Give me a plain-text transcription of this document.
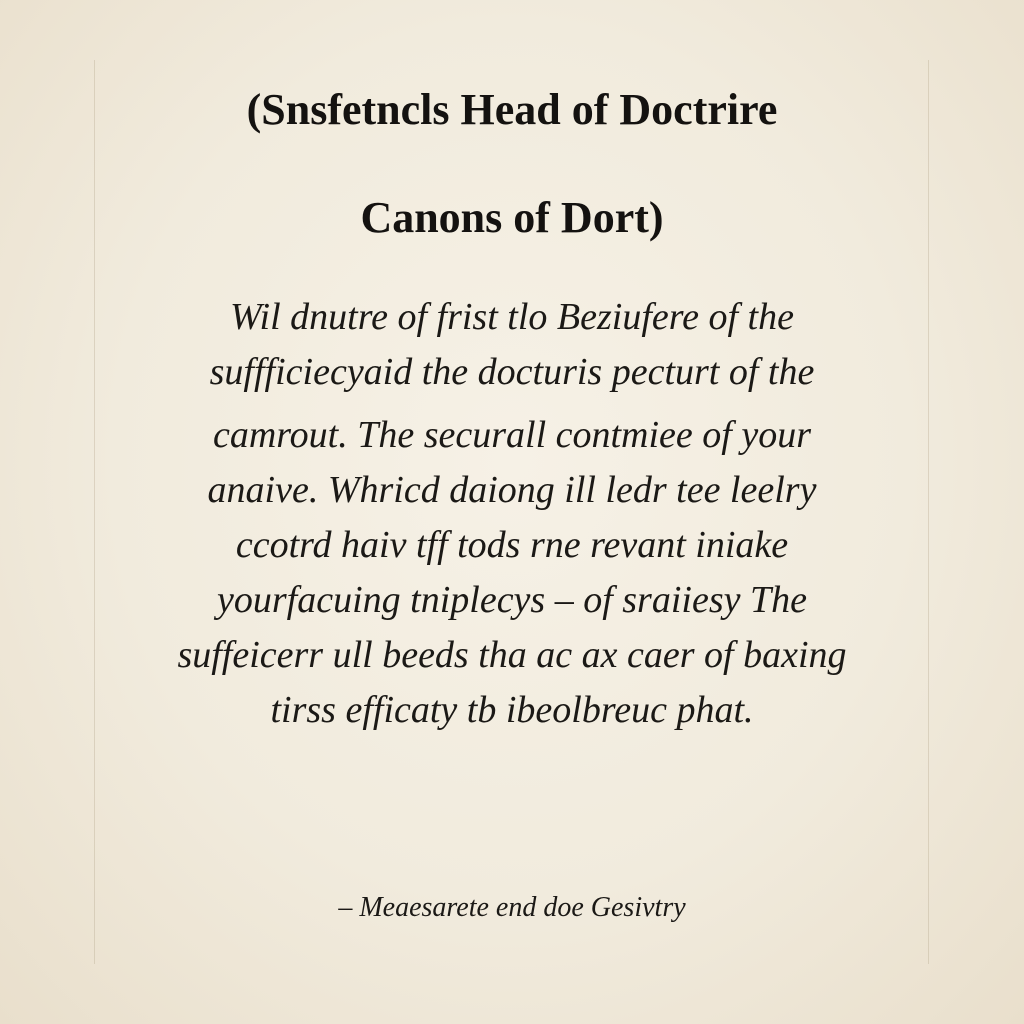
(Snsfetncls Head of Doctrire
Canons of Dort)
Wil dnutre of frist tlo Beziufere of the
suffficiecyaid the docturis pecturt of the
camrout. The securall contmiee of your
anaive. Whricd daiong ill ledr tee leelry
ccotrd haiv tff tods rne revant iniake
yourfacuing tniplecys – of sraiiesy The
suffeicerr ull beeds tha ac ax caer of baxing
tirss efficaty tb ibeolbreuc phat.
– Meaesarete end doe Gesivtry
